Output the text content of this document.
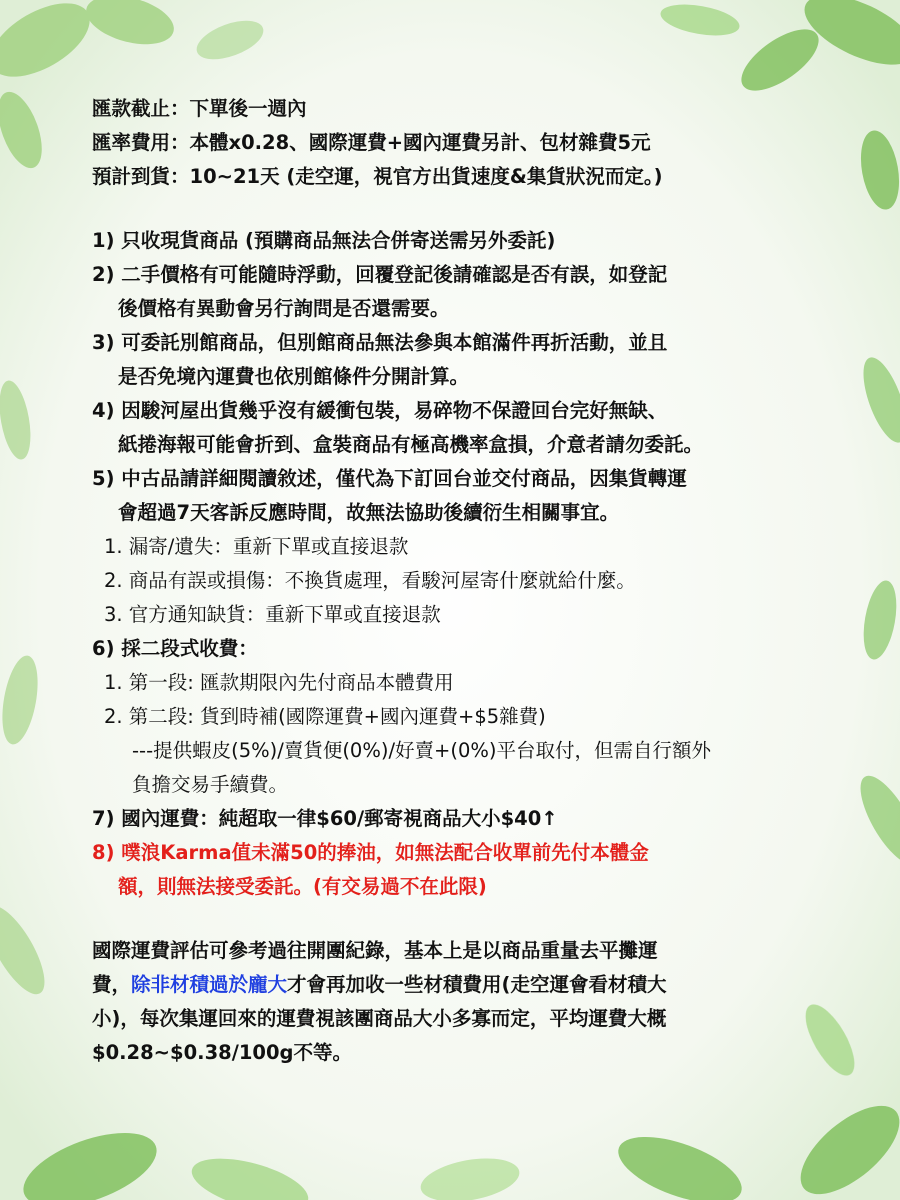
匯款截止：下單後一週內
匯率費用：本體x0.28、國際運費+國內運費另計、包材雜費5元
預計到貨：10~21天 (走空運，視官方出貨速度&集貨狀況而定。)
1) 只收現貨商品 (預購商品無法合併寄送需另外委託)
2) 二手價格有可能隨時浮動，回覆登記後請確認是否有誤，如登記
後價格有異動會另行詢問是否還需要。
3) 可委託別館商品，但別館商品無法參與本館滿件再折活動，並且
是否免境內運費也依別館條件分開計算。
4) 因駿河屋出貨幾乎沒有緩衝包裝，易碎物不保證回台完好無缺、
紙捲海報可能會折到、盒裝商品有極高機率盒損，介意者請勿委託。
5) 中古品請詳細閱讀敘述，僅代為下訂回台並交付商品，因集貨轉運
會超過7天客訴反應時間，故無法協助後續衍生相關事宜。
1. 漏寄/遺失：重新下單或直接退款
2. 商品有誤或損傷：不換貨處理，看駿河屋寄什麼就給什麼。
3. 官方通知缺貨：重新下單或直接退款
6) 採二段式收費：
1. 第一段: 匯款期限內先付商品本體費用
2. 第二段: 貨到時補(國際運費+國內運費+$5雜費)
---提供蝦皮(5%)/賣貨便(0%)/好賣+(0%)平台取付，但需自行額外
負擔交易手續費。
7) 國內運費：純超取一律$60/郵寄視商品大小$40↑
8) 噗浪Karma值未滿50的捧油，如無法配合收單前先付本體金
額，則無法接受委託。(有交易過不在此限)
國際運費評估可參考過往開團紀錄，基本上是以商品重量去平攤運
費，除非材積過於龐大才會再加收一些材積費用(走空運會看材積大
小)，每次集運回來的運費視該團商品大小多寡而定，平均運費大概
$0.28~$0.38/100g不等。
